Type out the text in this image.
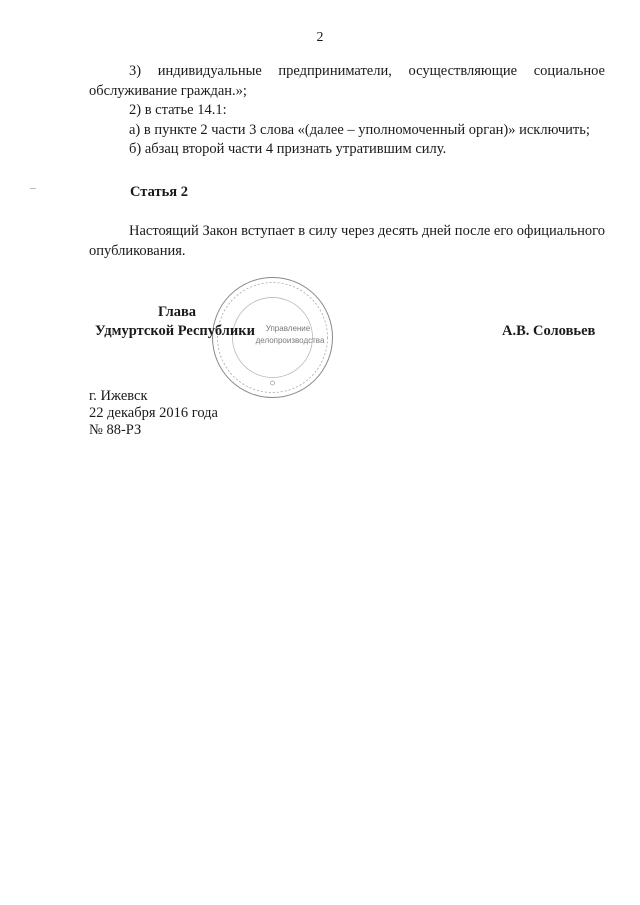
2

3) индивидуальные предприниматели, осуществляющие социальное обслуживание граждан.»;

2) в статье 14.1:

а) в пункте 2 части 3 слова «(далее – уполномоченный орган)» исключить;

б) абзац второй части 4 признать утратившим силу.

Статья 2

Настоящий Закон вступает в силу через десять дней после его официального опубликования.

Управление
делопроизводства
Глава
Удмуртской Республики	А.В. Соловьев
г. Ижевск
22 декабря 2016 года
№ 88-РЗ
